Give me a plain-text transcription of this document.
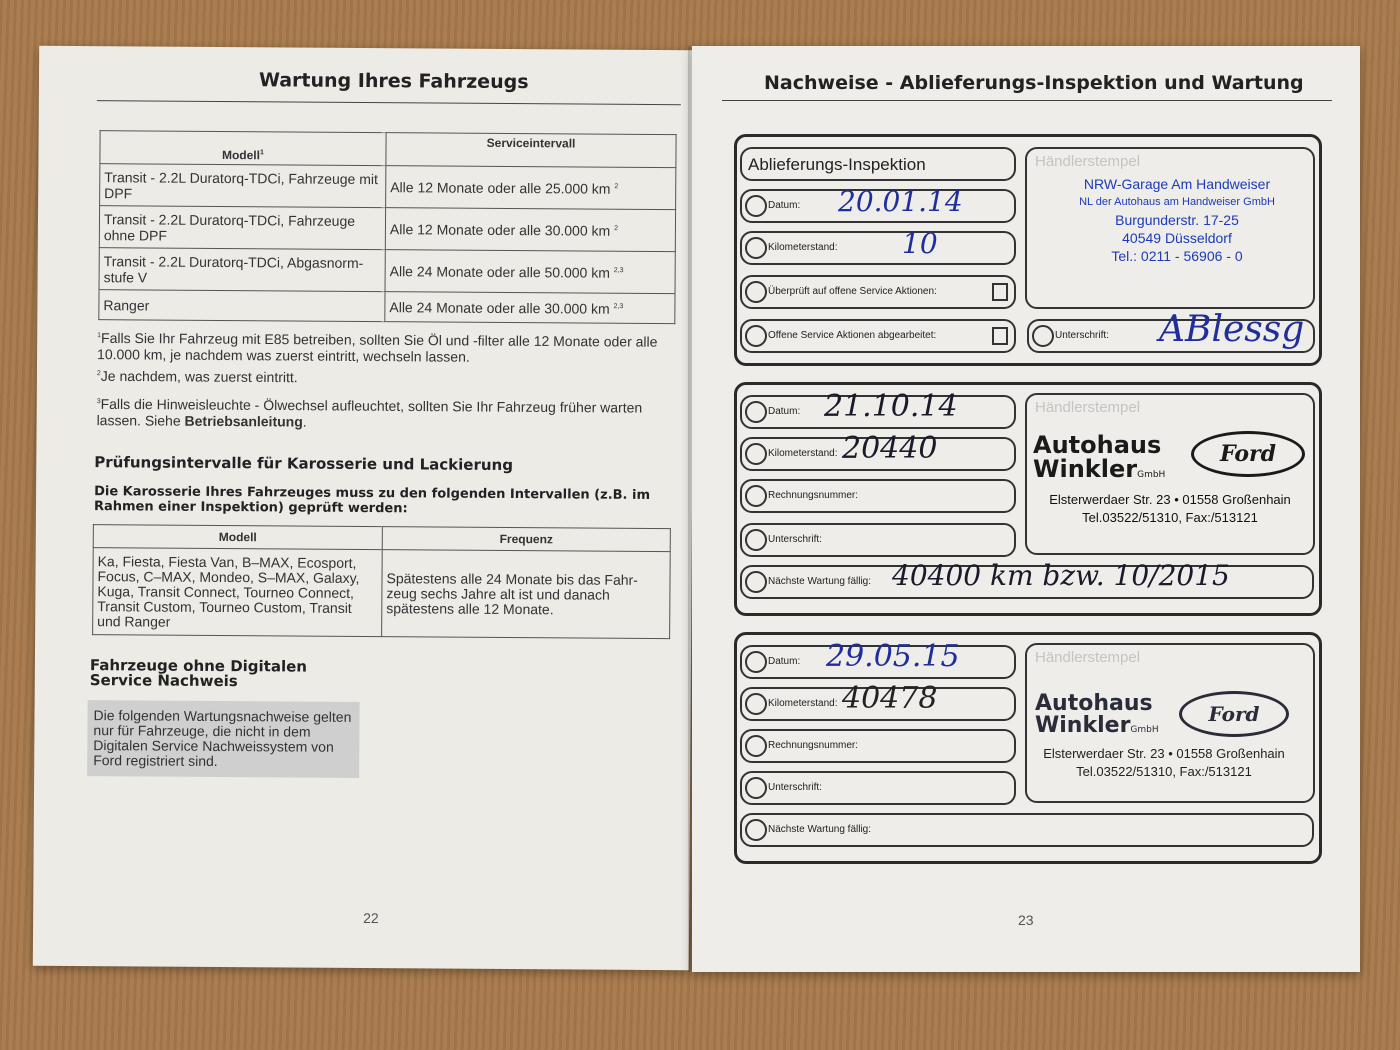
Wartung Ihres Fahrzeugs
Modell$^1$	Serviceintervall
Transit - 2.2L Duratorq-TDCi, Fahrzeuge mit DPF	Alle 12 Monate oder alle 25.000 km $^2$
Transit - 2.2L Duratorq-TDCi, Fahrzeuge ohne DPF	Alle 12 Monate oder alle 30.000 km $^2$
Transit - 2.2L Duratorq-TDCi, Abgasnorm-stufe V	Alle 24 Monate oder alle 50.000 km $^{2,3}$
Ranger	Alle 24 Monate oder alle 30.000 km $^{2,3}$
$^1$Falls Sie Ihr Fahrzeug mit E85 betreiben, sollten Sie Öl und -filter alle 12 Monate oder alle 10.000 km, je nachdem was zuerst eintritt, wechseln lassen.
$^2$Je nachdem, was zuerst eintritt.
$^3$Falls die Hinweisleuchte - Ölwechsel aufleuchtet, sollten Sie Ihr Fahrzeug früher warten lassen. Siehe Betriebsanleitung.
Prüfungsintervalle für Karosserie und Lackierung
Die Karosserie Ihres Fahrzeuges muss zu den folgenden Intervallen (z.B. im Rahmen einer Inspektion) geprüft werden:
Modell	Frequenz
Ka, Fiesta, Fiesta Van, B–MAX, Ecosport, Focus, C–MAX, Mondeo, S–MAX, Galaxy, Kuga, Transit Connect, Tourneo Connect, Transit Custom, Tourneo Custom, Transit und Ranger	Spätestens alle 24 Monate bis das Fahr-zeug sechs Jahre alt ist und danach spätestens alle 12 Monate.
Fahrzeuge ohne Digitalen Service Nachweis
Die folgenden Wartungsnachweise gelten nur für Fahrzeuge, die nicht in dem Digitalen Service Nachweissystem von Ford registriert sind.
22
Nachweise - Ablieferungs-Inspektion und Wartung
Ablieferungs-Inspektion
Datum: 20.01.14
Kilometerstand: 10
Überprüft auf offene Service Aktionen:
Offene Service Aktionen abgearbeitet:
Händlerstempel
NRW-Garage Am Handweiser
NL der Autohaus am Handweiser GmbH
Burgunderstr. 17-25
40549 Düsseldorf
Tel.: 0211 - 56906 - 0
Unterschrift: ABlessg
Datum: 21.10.14
Kilometerstand: 20440
Rechnungsnummer:
Unterschrift:
Händlerstempel
Autohaus
WinklerGmbH
Ford
Elsterwerdaer Str. 23 • 01558 Großenhain
Tel.03522/51310, Fax:/513121
Nächste Wartung fällig: 40400 km bzw. 10/2015
Datum: 29.05.15
Kilometerstand: 40478
Rechnungsnummer:
Unterschrift:
Händlerstempel
Autohaus
WinklerGmbH
Ford
Elsterwerdaer Str. 23 • 01558 Großenhain
Tel.03522/51310, Fax:/513121
Nächste Wartung fällig:
23
